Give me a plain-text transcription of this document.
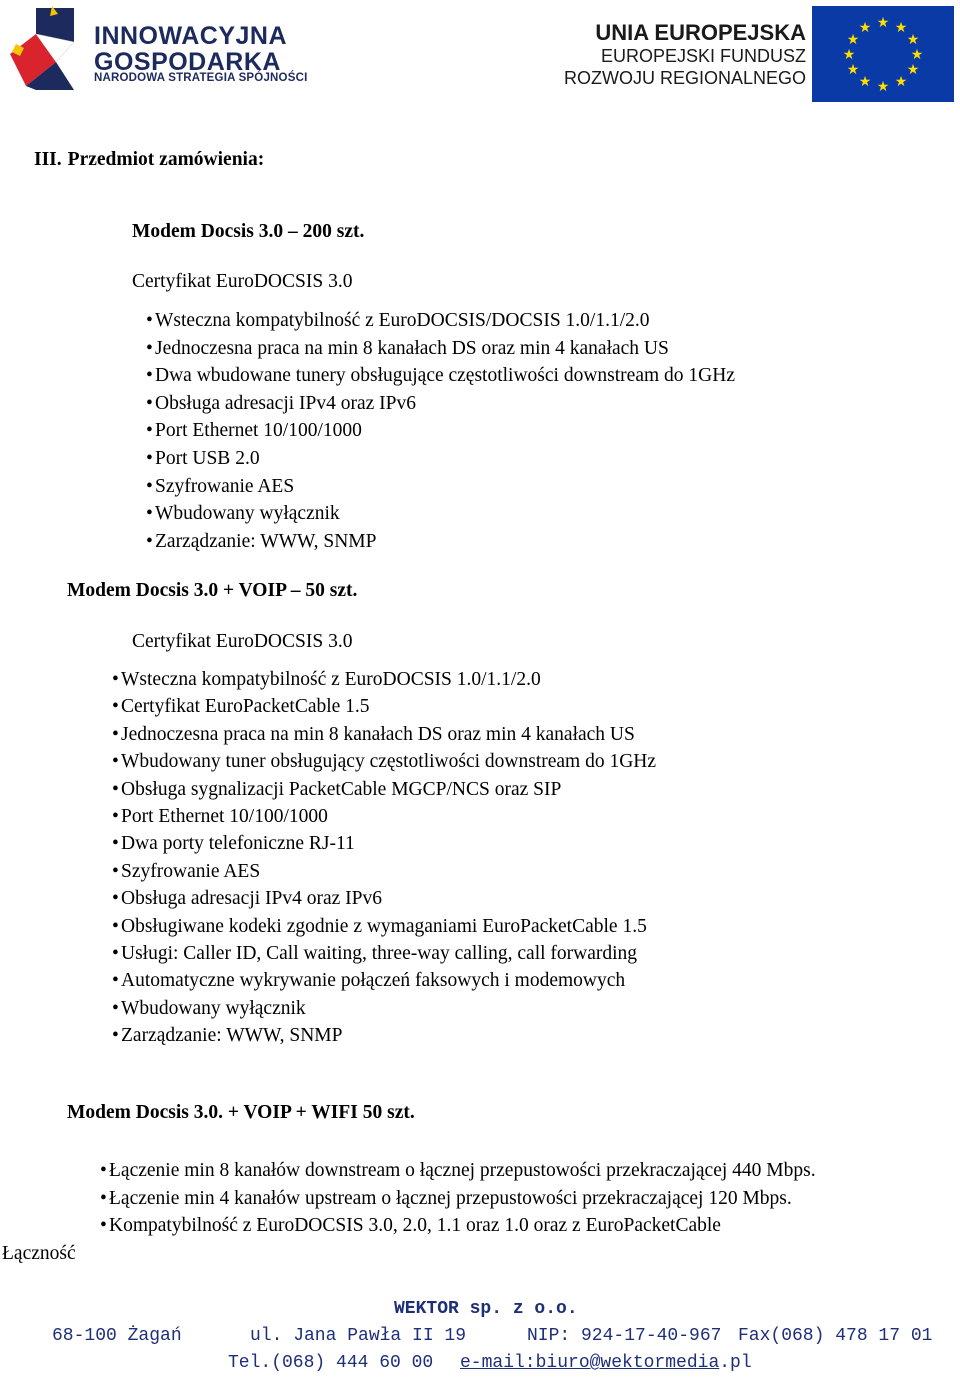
INNOWACYJNA
GOSPODARKA
NARODOWA STRATEGIA SPÓJNOŚCI
UNIA EUROPEJSKA
EUROPEJSKI FUNDUSZ
ROZWOJU REGIONALNEGO
★ ★
★
★
★
★
★
★
★
★
★
★
III. Przedmiot zamówienia:
Modem Docsis 3.0 – 200 szt.
Certyfikat EuroDOCSIS 3.0
• Wsteczna kompatybilność z EuroDOCSIS/DOCSIS 1.0/1.1/2.0
• Jednoczesna praca na min 8 kanałach DS oraz min 4 kanałach US
• Dwa wbudowane tunery obsługujące częstotliwości downstream do 1GHz
• Obsługa adresacji IPv4 oraz IPv6
• Port Ethernet 10/100/1000
• Port USB 2.0
• Szyfrowanie AES
• Wbudowany wyłącznik
• Zarządzanie: WWW, SNMP
Modem Docsis 3.0 + VOIP – 50 szt.
Certyfikat EuroDOCSIS 3.0
• Wsteczna kompatybilność z EuroDOCSIS 1.0/1.1/2.0
• Certyfikat EuroPacketCable 1.5
• Jednoczesna praca na min 8 kanałach DS oraz min 4 kanałach US
• Wbudowany tuner obsługujący częstotliwości downstream do 1GHz
• Obsługa sygnalizacji PacketCable MGCP/NCS oraz SIP
• Port Ethernet 10/100/1000
• Dwa porty telefoniczne RJ-11
• Szyfrowanie AES
• Obsługa adresacji IPv4 oraz IPv6
• Obsługiwane kodeki zgodnie z wymaganiami EuroPacketCable 1.5
• Usługi: Caller ID, Call waiting, three-way calling, call forwarding
• Automatyczne wykrywanie połączeń faksowych i modemowych
• Wbudowany wyłącznik
• Zarządzanie: WWW, SNMP
Modem Docsis 3.0. + VOIP + WIFI 50 szt.
• Łączenie min 8 kanałów downstream o łącznej przepustowości przekraczającej 440 Mbps.
• Łączenie min 4 kanałów upstream o łącznej przepustowości przekraczającej 120 Mbps.
• Kompatybilność z EuroDOCSIS 3.0, 2.0, 1.1 oraz 1.0 oraz z EuroPacketCable
Łączność
WEKTOR sp. z o.o.
68-100 Żagań	ul. Jana Pawła II 19	NIP: 924-17-40-967 Fax(068) 478 17 01
Tel.(068) 444 60 00 e-mail:biuro@wektormedia.pl
